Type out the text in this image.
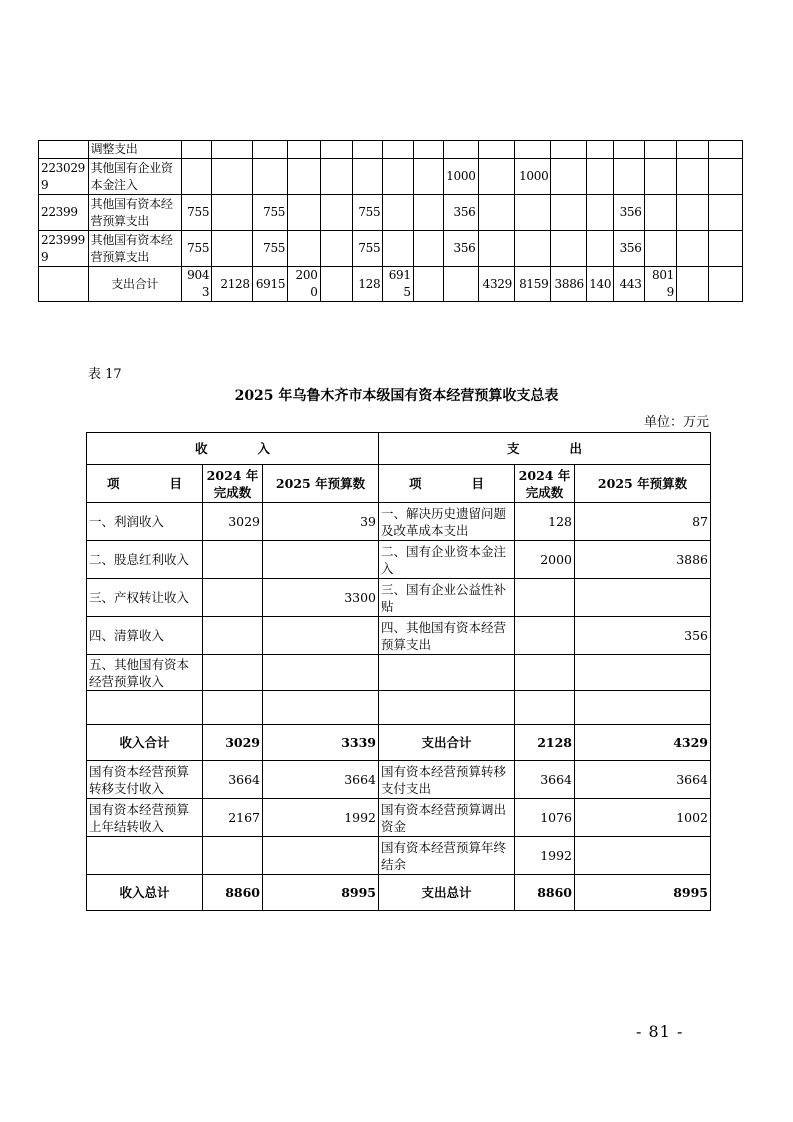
	调整支出																	
2230299	其他国有企业资本金注入									1000		1000						
22399	其他国有资本经营预算支出	755		755			755			356					356			
2239999	其他国有资本经营预算支出	755		755			755			356					356			
	支出合计	9043	2128	6915	2000		128	6915			4329	8159	3886	140	443	8019		
表 17
2025 年乌鲁木齐市本级国有资本经营预算收支总表
单位：万元
收　　　　入			支　　　　出		
项　　　　目	2024 年完成数	2025 年预算数	项　　　　目	2024 年完成数	2025 年预算数
一、利润收入	3029	39	一、解决历史遗留问题及改革成本支出	128	87
二、股息红利收入			二、国有企业资本金注入	2000	3886
三、产权转让收入		3300	三、国有企业公益性补贴		
四、清算收入			四、其他国有资本经营预算支出		356
五、其他国有资本经营预算收入					

收入合计	3029	3339	支出合计	2128	4329
国有资本经营预算转移支付收入	3664	3664	国有资本经营预算转移支付支出	3664	3664
国有资本经营预算上年结转收入	2167	1992	国有资本经营预算调出资金	1076	1002
			国有资本经营预算年终结余	1992	
收入总计	8860	8995	支出总计	8860	8995
- 81 -
